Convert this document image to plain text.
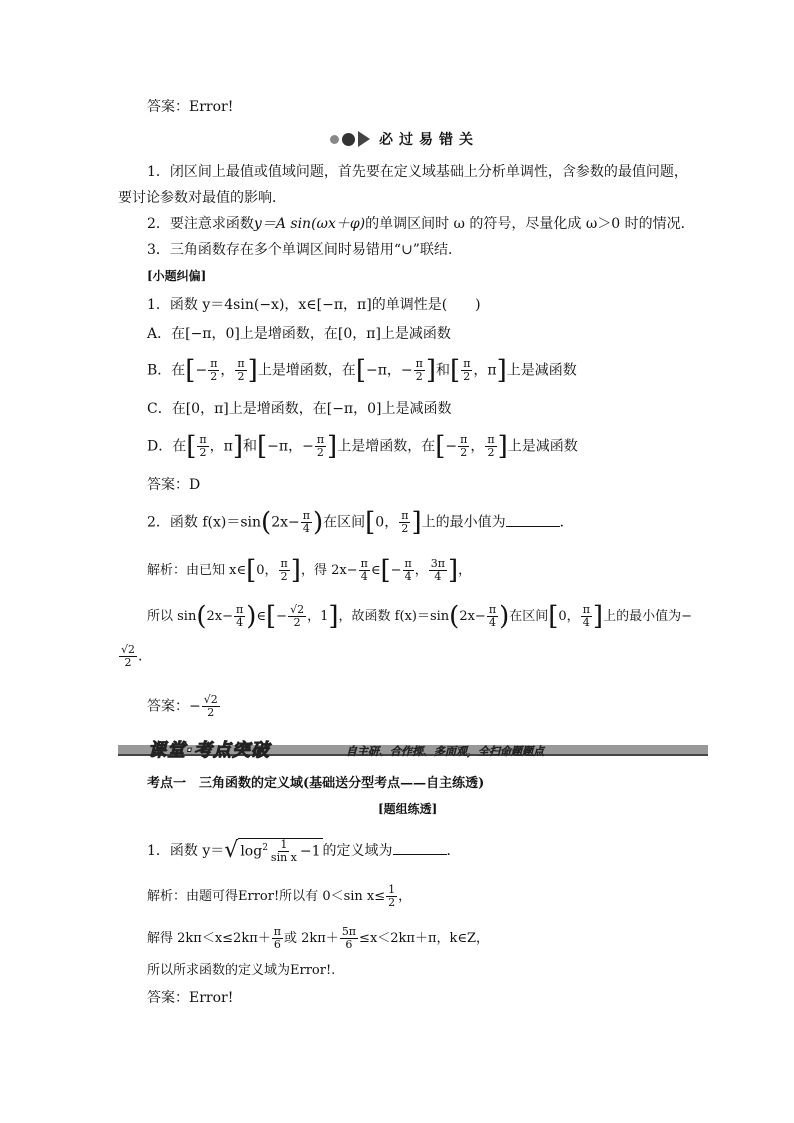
答案：Error!
必过易错关
1．闭区间上最值或值域问题，首先要在定义域基础上分析单调性，含参数的最值问题，
要讨论参数对最值的影响．
2．要注意求函数y＝A sin(ωx＋φ)的单调区间时 ω 的符号，尽量化成 ω＞0 时的情况．
3．三角函数存在多个单调区间时易错用“∪”联结．
[小题纠偏]
1．函数 y＝4sin(−x)，x∈[−π，π]的单调性是(　　)
A．在[−π，0]上是增函数，在[0，π]上是减函数
B．在[− $\frac{\pi}{2}$ ， $\frac{\pi}{2}$ ]上是增函数，在[−π，− $\frac{\pi}{2}$ ]和[ $\frac{\pi}{2}$ ，π]上是减函数
C．在[0，π]上是增函数，在[−π，0]上是减函数
D．在[ $\frac{\pi}{2}$ ，π]和[−π，− $\frac{\pi}{2}$ ]上是增函数，在[− $\frac{\pi}{2}$ ， $\frac{\pi}{2}$ ]上是减函数
答案：D
2．函数 $f(x)=\sin(2x- \frac{\pi}{4}$ )在区间[0， $\frac{\pi}{2}$ ]上的最小值为	．
解析：由已知 x∈[0， $\frac{\pi}{2}$ ]，得 $2x- \frac{\pi}{4}$ ∈[− $\frac{\pi}{4}$ ， $\frac{3\pi}{4}$ ]，
所以 $\sin(2x- \frac{\pi}{4}$ )∈[− $\frac{√2}{2}$ ，1]，故函数 $f(x)=\sin(2x- \frac{\pi}{4}$ )在区间[0， $\frac{\pi}{4}$ ]上的最小值为−
$\frac{√2}{2}$ .
答案：− $\frac{√2}{2}$
课堂·考点突破	自主研、合作探、多面观，全扫命题题点
考点一　三角函数的定义域(基础送分型考点——自主练透)
[题组练透]
1．函数 y＝√ $\log^2 \frac{1}{\text{sin x}} -1$ 的定义域为	．
解析：由题可得Error!所以有 0＜sin $x\le \frac{1}{2}$ ，
解得 $2k\pi<x\le 2k\pi+ \frac{\pi}{6}$ 或 $2k\pi+ \frac{5\pi}{6} \le x<2k\pi+\pi$，k∈Z，
所以所求函数的定义域为Error!.
答案：Error!
